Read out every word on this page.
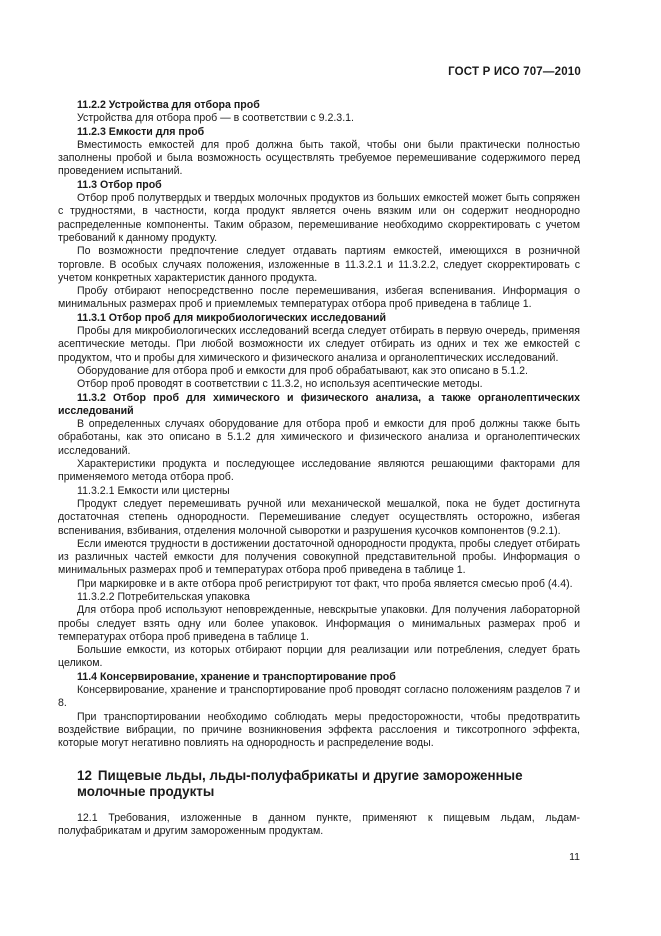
ГОСТ Р ИСО 707—2010

11.2.2 Устройства для отбора проб

Устройства для отбора проб — в соответствии с 9.2.3.1.

11.2.3 Емкости для проб

Вместимость емкостей для проб должна быть такой, чтобы они были практически полностью заполнены пробой и была возможность осуществлять требуемое перемешивание содержимого перед проведением испытаний.

11.3 Отбор проб

Отбор проб полутвердых и твердых молочных продуктов из больших емкостей может быть сопряжен с трудностями, в частности, когда продукт является очень вязким или он содержит неоднородно распределенные компоненты. Таким образом, перемешивание необходимо скорректировать с учетом требований к данному продукту.

По возможности предпочтение следует отдавать партиям емкостей, имеющихся в розничной торговле. В особых случаях положения, изложенные в 11.3.2.1 и 11.3.2.2, следует скорректировать с учетом конкретных характеристик данного продукта.

Пробу отбирают непосредственно после перемешивания, избегая вспенивания. Информация о минимальных размерах проб и приемлемых температурах отбора проб приведена в таблице 1.

11.3.1 Отбор проб для микробиологических исследований

Пробы для микробиологических исследований всегда следует отбирать в первую очередь, применяя асептические методы. При любой возможности их следует отбирать из одних и тех же емкостей с продуктом, что и пробы для химического и физического анализа и органолептических исследований.

Оборудование для отбора проб и емкости для проб обрабатывают, как это описано в 5.1.2.

Отбор проб проводят в соответствии с 11.3.2, но используя асептические методы.

11.3.2 Отбор проб для химического и физического анализа, а также органолептических исследований

В определенных случаях оборудование для отбора проб и емкости для проб должны также быть обработаны, как это описано в 5.1.2 для химического и физического анализа и органолептических исследований.

Характеристики продукта и последующее исследование являются решающими факторами для применяемого метода отбора проб.

11.3.2.1 Емкости или цистерны

Продукт следует перемешивать ручной или механической мешалкой, пока не будет достигнута достаточная степень однородности. Перемешивание следует осуществлять осторожно, избегая вспенивания, взбивания, отделения молочной сыворотки и разрушения кусочков компонентов (9.2.1).

Если имеются трудности в достижении достаточной однородности продукта, пробы следует отбирать из различных частей емкости для получения совокупной представительной пробы. Информация о минимальных размерах проб и температурах отбора проб приведена в таблице 1.

При маркировке и в акте отбора проб регистрируют тот факт, что проба является смесью проб (4.4).

11.3.2.2 Потребительская упаковка

Для отбора проб используют неповрежденные, невскрытые упаковки. Для получения лабораторной пробы следует взять одну или более упаковок. Информация о минимальных размерах проб и температурах отбора проб приведена в таблице 1.

Большие емкости, из которых отбирают порции для реализации или потребления, следует брать целиком.

11.4 Консервирование, хранение и транспортирование проб

Консервирование, хранение и транспортирование проб проводят согласно положениям разделов 7 и 8.

При транспортировании необходимо соблюдать меры предосторожности, чтобы предотвратить воздействие вибрации, по причине возникновения эффекта расслоения и тиксотропного эффекта, которые могут негативно повлиять на однородность и распределение воды.

12 Пищевые льды, льды-полуфабрикаты и другие замороженные
молочные продукты

12.1 Требования, изложенные в данном пункте, применяют к пищевым льдам, льдам-полуфабрикатам и другим замороженным продуктам.

11
